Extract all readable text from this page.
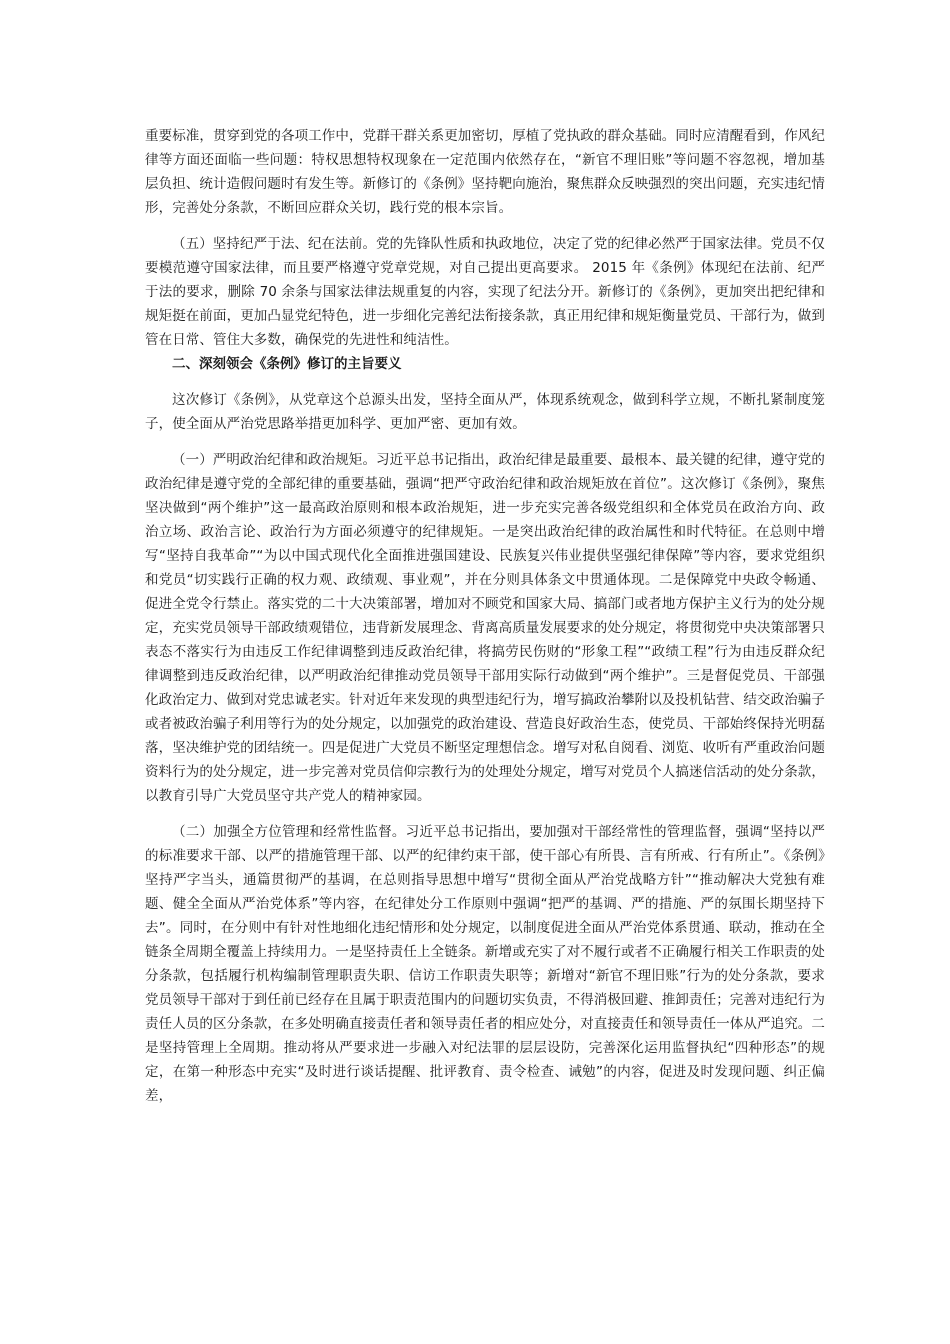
重要标准，贯穿到党的各项工作中，党群干群关系更加密切，厚植了党执政的群众基础。同时应清醒看到，作风纪律等方面还面临一些问题：特权思想特权现象在一定范围内依然存在，“新官不理旧账”等问题不容忽视，增加基层负担、统计造假问题时有发生等。新修订的《条例》坚持靶向施治，聚焦群众反映强烈的突出问题，充实违纪情形，完善处分条款，不断回应群众关切，践行党的根本宗旨。

（五）坚持纪严于法、纪在法前。党的先锋队性质和执政地位，决定了党的纪律必然严于国家法律。党员不仅要模范遵守国家法律，而且要严格遵守党章党规，对自己提出更高要求。 2015 年《条例》体现纪在法前、纪严于法的要求，删除 70 余条与国家法律法规重复的内容，实现了纪法分开。新修订的《条例》，更加突出把纪律和规矩挺在前面，更加凸显党纪特色，进一步细化完善纪法衔接条款，真正用纪律和规矩衡量党员、干部行为，做到管在日常、管住大多数，确保党的先进性和纯洁性。

二、深刻领会《条例》修订的主旨要义

这次修订《条例》，从党章这个总源头出发，坚持全面从严，体现系统观念，做到科学立规，不断扎紧制度笼子，使全面从严治党思路举措更加科学、更加严密、更加有效。

（一）严明政治纪律和政治规矩。习近平总书记指出，政治纪律是最重要、最根本、最关键的纪律，遵守党的政治纪律是遵守党的全部纪律的重要基础，强调“把严守政治纪律和政治规矩放在首位”。这次修订《条例》，聚焦坚决做到“两个维护”这一最高政治原则和根本政治规矩，进一步充实完善各级党组织和全体党员在政治方向、政治立场、政治言论、政治行为方面必须遵守的纪律规矩。一是突出政治纪律的政治属性和时代特征。在总则中增写“坚持自我革命”“为以中国式现代化全面推进强国建设、民族复兴伟业提供坚强纪律保障”等内容，要求党组织和党员“切实践行正确的权力观、政绩观、事业观”，并在分则具体条文中贯通体现。二是保障党中央政令畅通、促进全党令行禁止。落实党的二十大决策部署，增加对不顾党和国家大局、搞部门或者地方保护主义行为的处分规定，充实党员领导干部政绩观错位，违背新发展理念、背离高质量发展要求的处分规定，将贯彻党中央决策部署只表态不落实行为由违反工作纪律调整到违反政治纪律，将搞劳民伤财的“形象工程”“政绩工程”行为由违反群众纪律调整到违反政治纪律，以严明政治纪律推动党员领导干部用实际行动做到“两个维护”。三是督促党员、干部强化政治定力、做到对党忠诚老实。针对近年来发现的典型违纪行为，增写搞政治攀附以及投机钻营、结交政治骗子或者被政治骗子利用等行为的处分规定，以加强党的政治建设、营造良好政治生态，使党员、干部始终保持光明磊落，坚决维护党的团结统一。四是促进广大党员不断坚定理想信念。增写对私自阅看、浏览、收听有严重政治问题资料行为的处分规定，进一步完善对党员信仰宗教行为的处理处分规定，增写对党员个人搞迷信活动的处分条款，以教育引导广大党员坚守共产党人的精神家园。

（二）加强全方位管理和经常性监督。习近平总书记指出，要加强对干部经常性的管理监督，强调“坚持以严的标准要求干部、以严的措施管理干部、以严的纪律约束干部，使干部心有所畏、言有所戒、行有所止”。《条例》坚持严字当头，通篇贯彻严的基调，在总则指导思想中增写“贯彻全面从严治党战略方针”“推动解决大党独有难题、健全全面从严治党体系”等内容，在纪律处分工作原则中强调“把严的基调、严的措施、严的氛围长期坚持下去”。同时，在分则中有针对性地细化违纪情形和处分规定，以制度促进全面从严治党体系贯通、联动，推动在全链条全周期全覆盖上持续用力。一是坚持责任上全链条。新增或充实了对不履行或者不正确履行相关工作职责的处分条款，包括履行机构编制管理职责失职、信访工作职责失职等；新增对“新官不理旧账”行为的处分条款，要求党员领导干部对于到任前已经存在且属于职责范围内的问题切实负责，不得消极回避、推卸责任；完善对违纪行为责任人员的区分条款，在多处明确直接责任者和领导责任者的相应处分，对直接责任和领导责任一体从严追究。二是坚持管理上全周期。推动将从严要求进一步融入对纪法罪的层层设防，完善深化运用监督执纪“四种形态”的规定，在第一种形态中充实“及时进行谈话提醒、批评教育、责令检查、诫勉”的内容，促进及时发现问题、纠正偏差，
